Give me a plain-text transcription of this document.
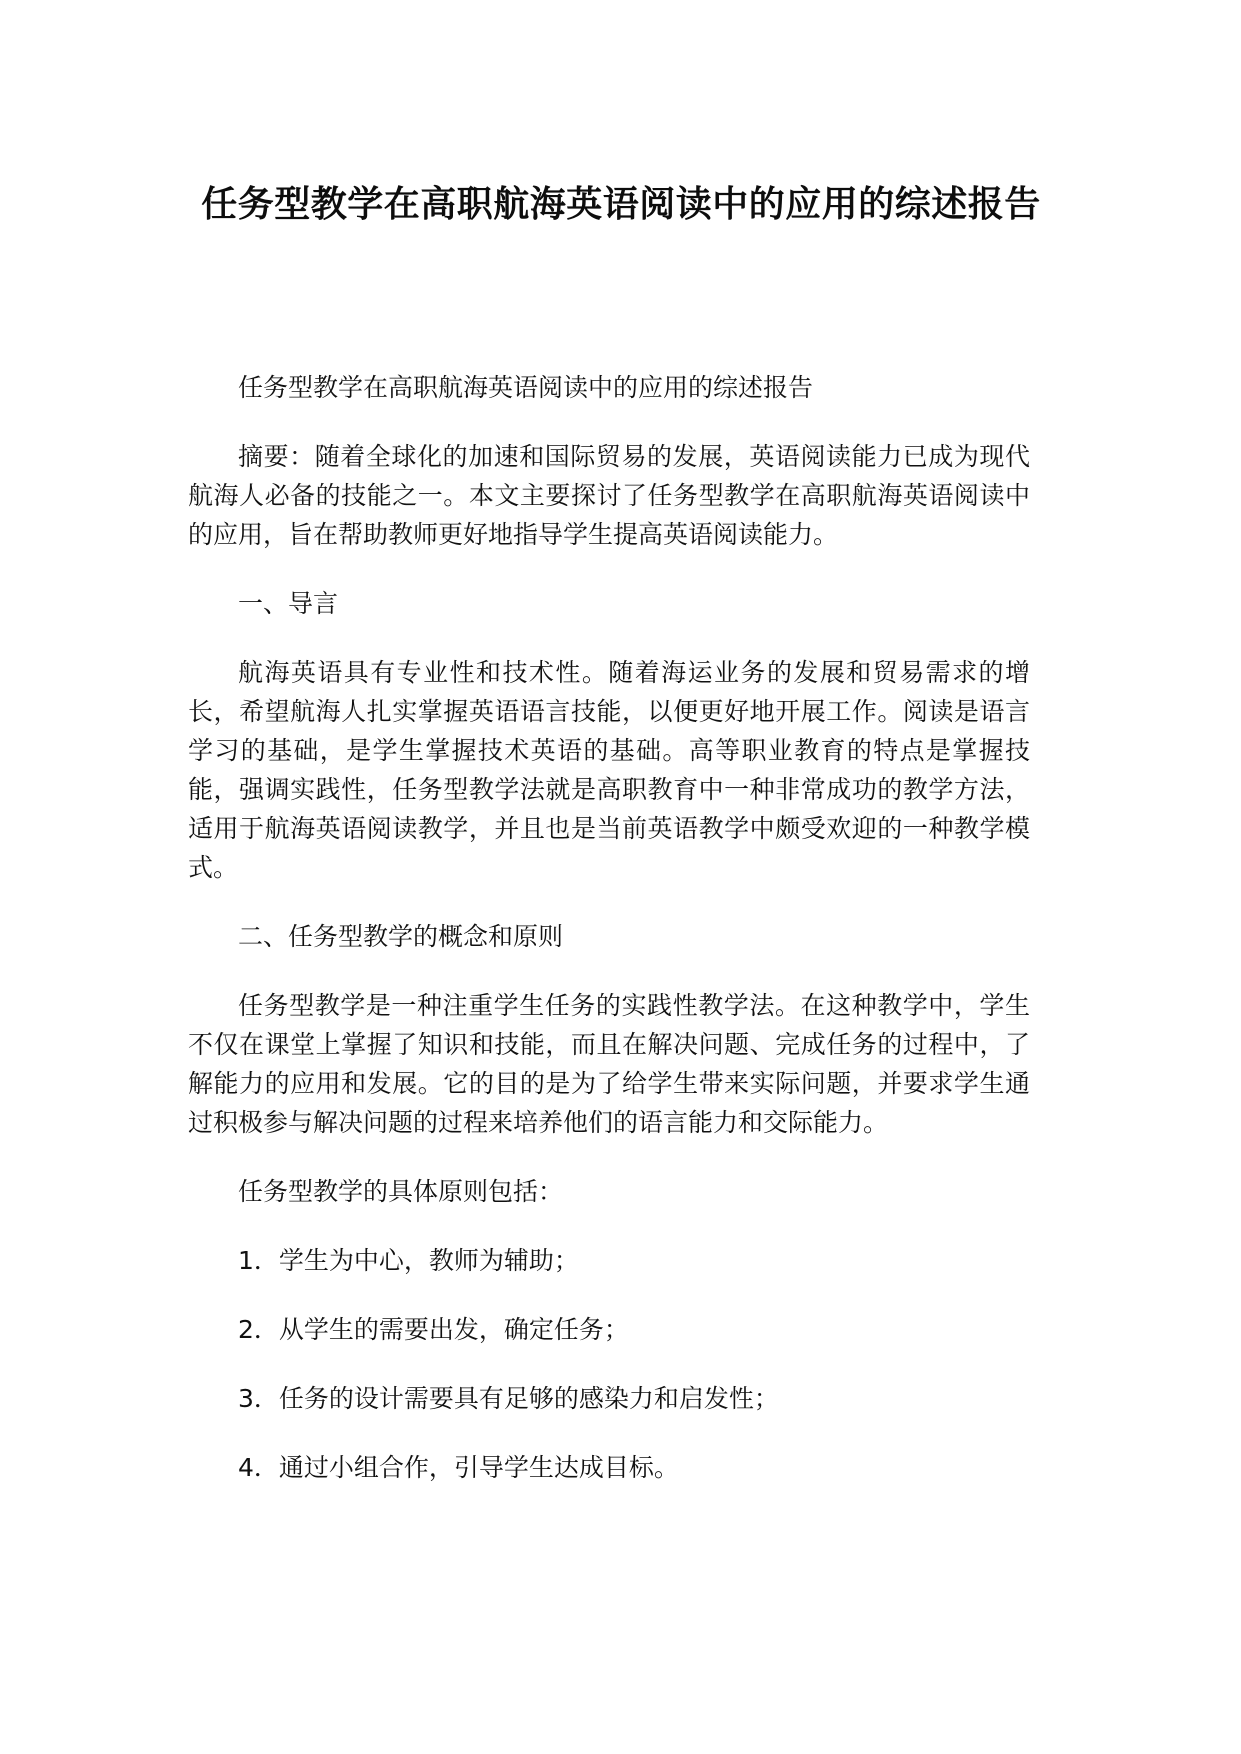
任务型教学在高职航海英语阅读中的应用的综述报告

任务型教学在高职航海英语阅读中的应用的综述报告

摘要：随着全球化的加速和国际贸易的发展，英语阅读能力已成为现代航海人必备的技能之一。本文主要探讨了任务型教学在高职航海英语阅读中的应用，旨在帮助教师更好地指导学生提高英语阅读能力。

一、导言

航海英语具有专业性和技术性。随着海运业务的发展和贸易需求的增长，希望航海人扎实掌握英语语言技能，以便更好地开展工作。阅读是语言学习的基础，是学生掌握技术英语的基础。高等职业教育的特点是掌握技能，强调实践性，任务型教学法就是高职教育中一种非常成功的教学方法，适用于航海英语阅读教学，并且也是当前英语教学中颇受欢迎的一种教学模式。

二、任务型教学的概念和原则

任务型教学是一种注重学生任务的实践性教学法。在这种教学中，学生不仅在课堂上掌握了知识和技能，而且在解决问题、完成任务的过程中，了解能力的应用和发展。它的目的是为了给学生带来实际问题，并要求学生通过积极参与解决问题的过程来培养他们的语言能力和交际能力。

任务型教学的具体原则包括：

1．学生为中心，教师为辅助；

2．从学生的需要出发，确定任务；

3．任务的设计需要具有足够的感染力和启发性；

4．通过小组合作，引导学生达成目标。
